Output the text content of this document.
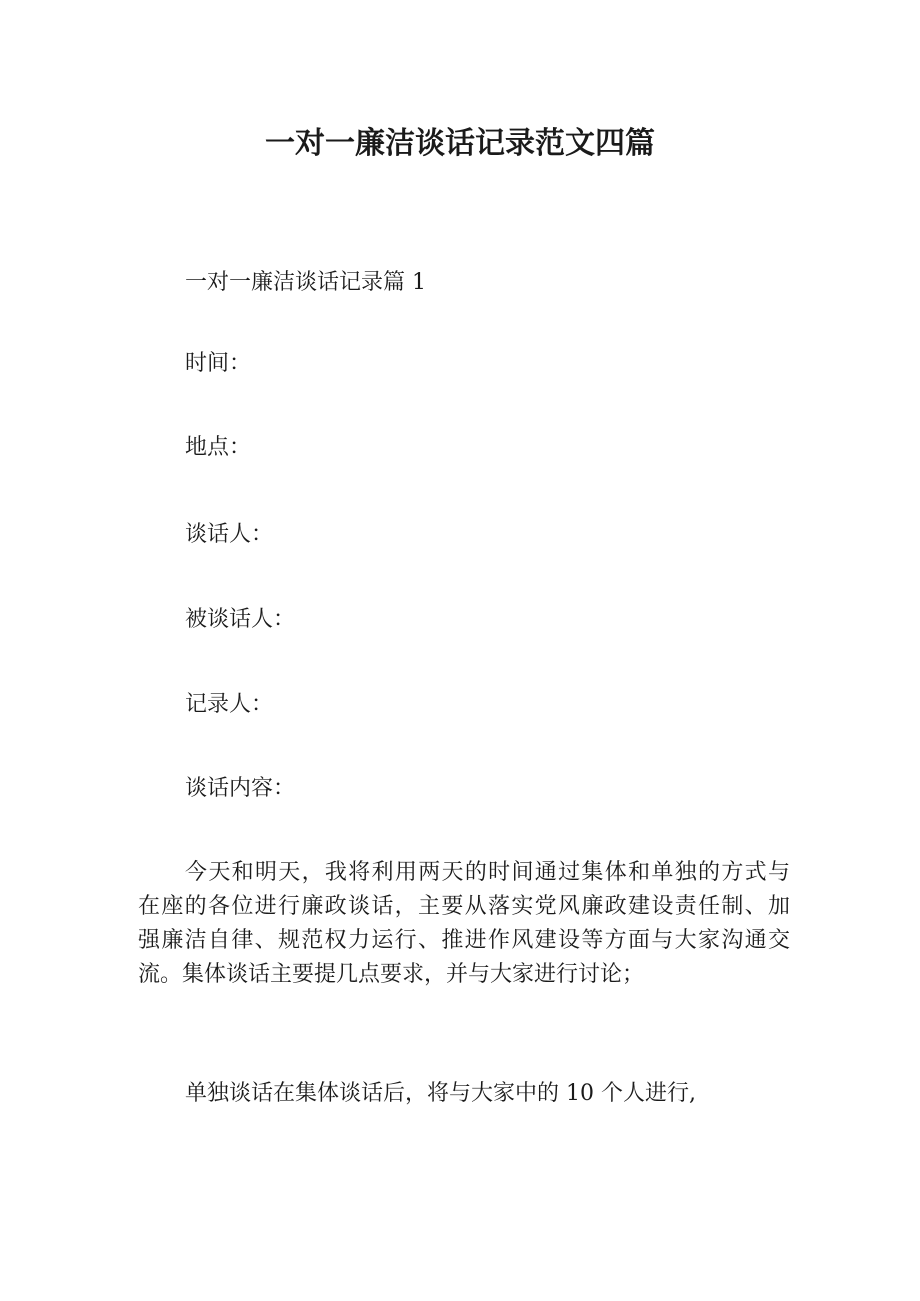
一对一廉洁谈话记录范文四篇

一对一廉洁谈话记录篇 1

时间：

地点：

谈话人：

被谈话人：

记录人：

谈话内容：

今天和明天，我将利用两天的时间通过集体和单独的方式与
在座的各位进行廉政谈话，主要从落实党风廉政建设责任制、加
强廉洁自律、规范权力运行、推进作风建设等方面与大家沟通交
流。集体谈话主要提几点要求，并与大家进行讨论；

单独谈话在集体谈话后，将与大家中的 10 个人进行,
